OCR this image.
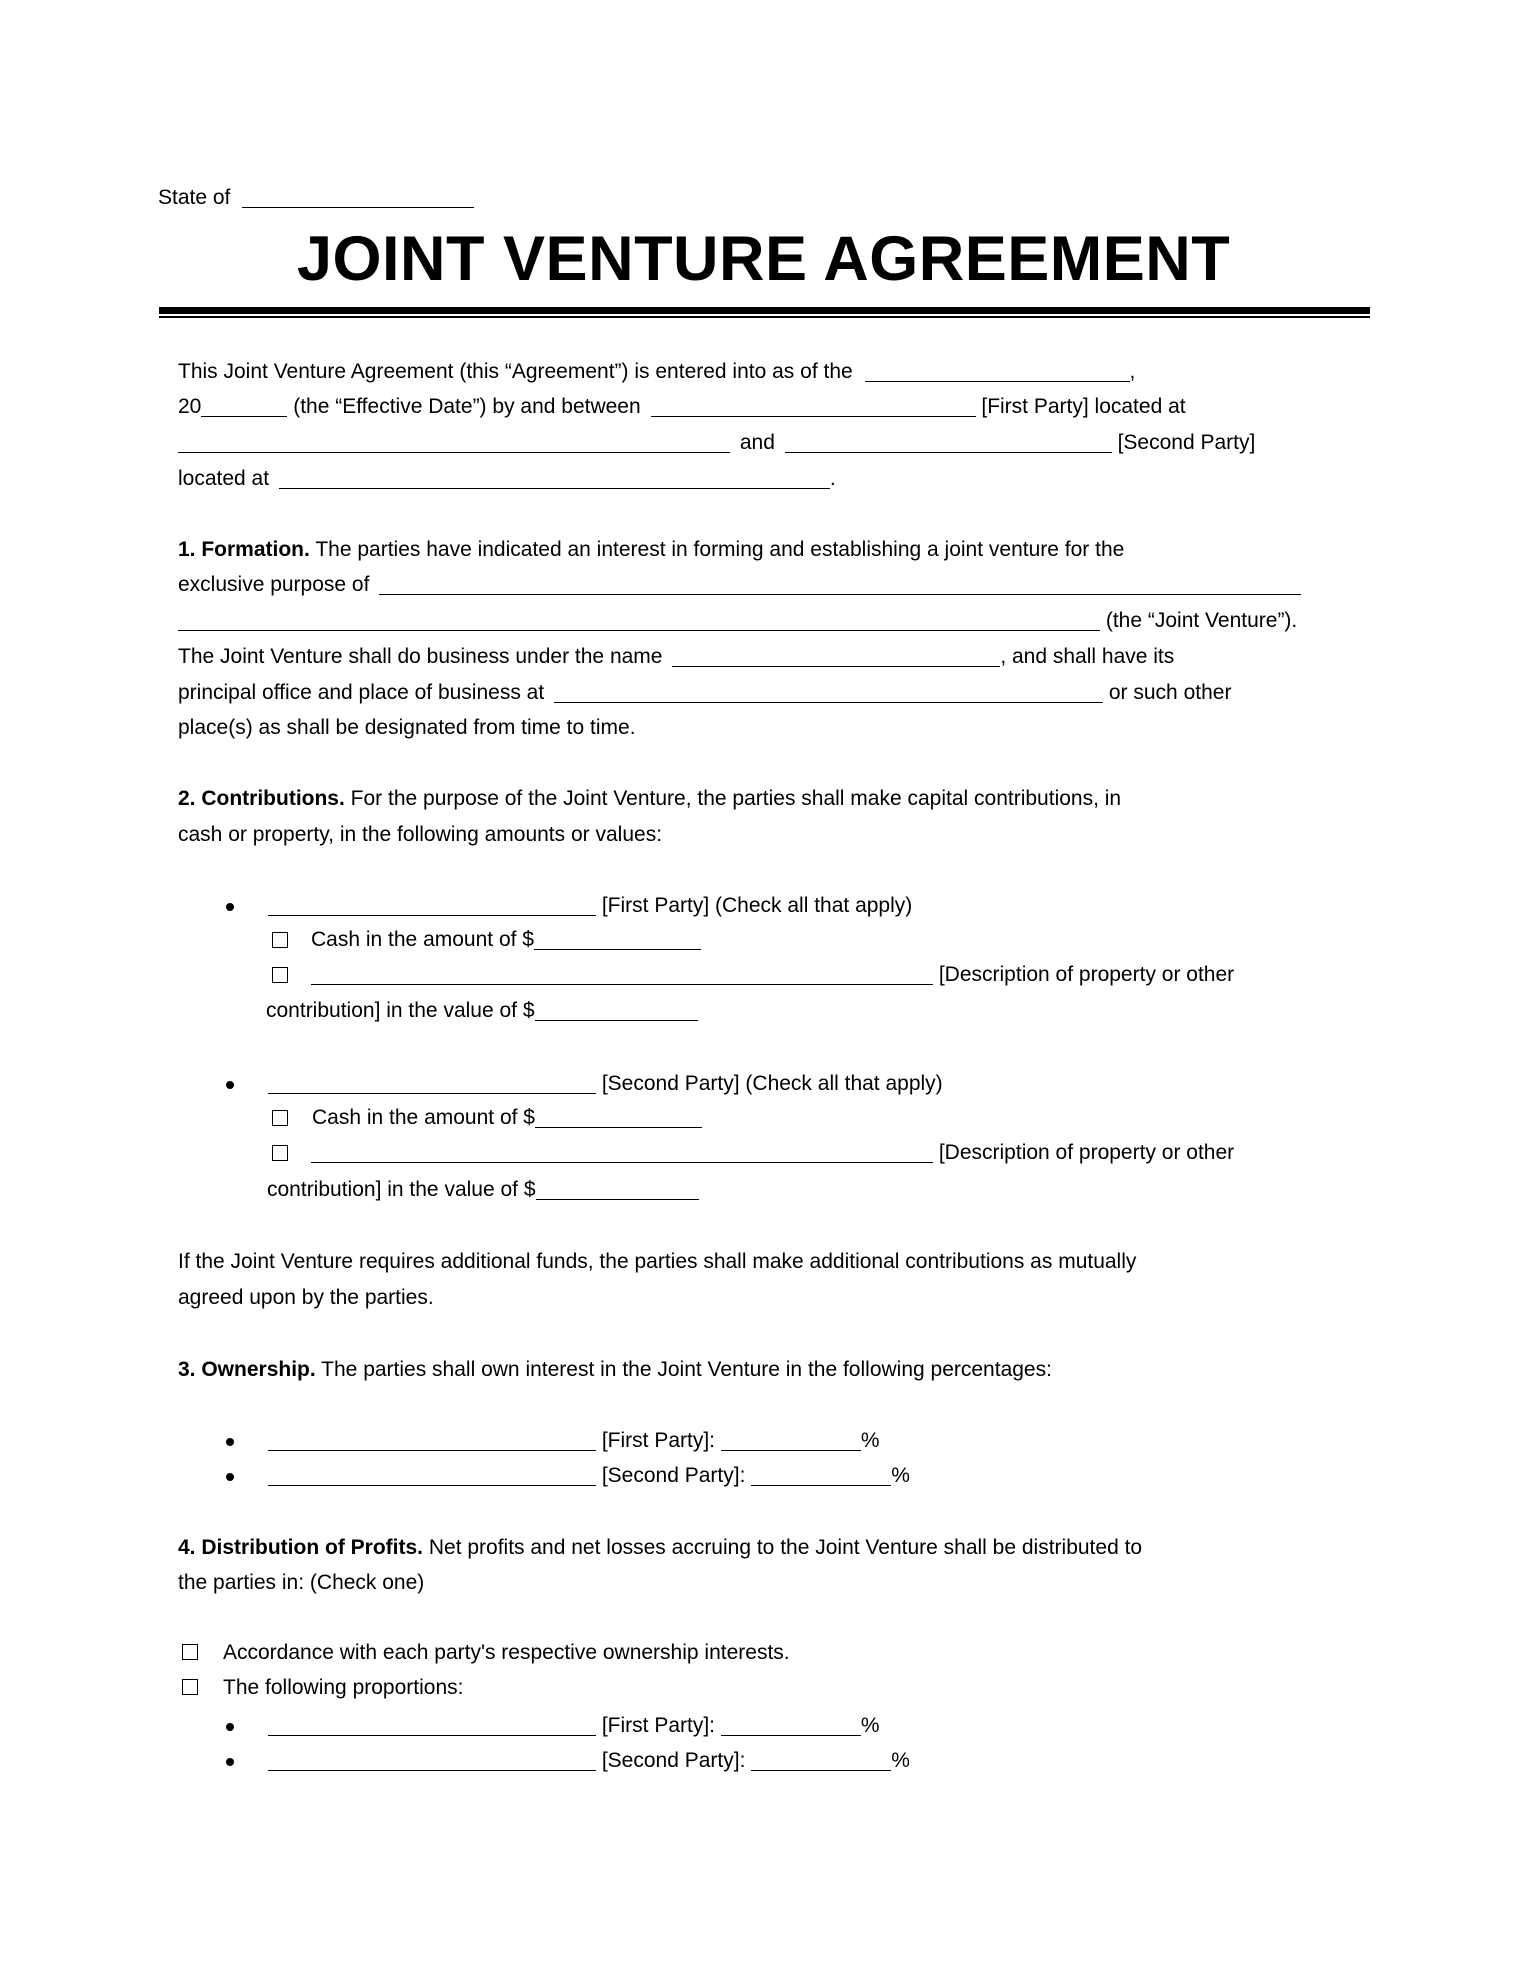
State of
JOINT VENTURE AGREEMENT
This Joint Venture Agreement (this “Agreement”) is entered into as of the	,
20	(the “Effective Date”) by and between	[First Party] located at
and	[Second Party]
located at	.
1. Formation. The parties have indicated an interest in forming and establishing a joint venture for the
exclusive purpose of
(the “Joint Venture”).
The Joint Venture shall do business under the name	, and shall have its
principal office and place of business at	or such other
place(s) as shall be designated from time to time.
2. Contributions. For the purpose of the Joint Venture, the parties shall make capital contributions, in
cash or property, in the following amounts or values:
[First Party] (Check all that apply)
Cash in the amount of $
[Description of property or other
contribution] in the value of $
[Second Party] (Check all that apply)
Cash in the amount of $
[Description of property or other
contribution] in the value of $
If the Joint Venture requires additional funds, the parties shall make additional contributions as mutually
agreed upon by the parties.
3. Ownership. The parties shall own interest in the Joint Venture in the following percentages:
[First Party]:	%
[Second Party]:	%
4. Distribution of Profits. Net profits and net losses accruing to the Joint Venture shall be distributed to
the parties in: (Check one)
Accordance with each party's respective ownership interests.
The following proportions:
[First Party]:	%
[Second Party]:	%
